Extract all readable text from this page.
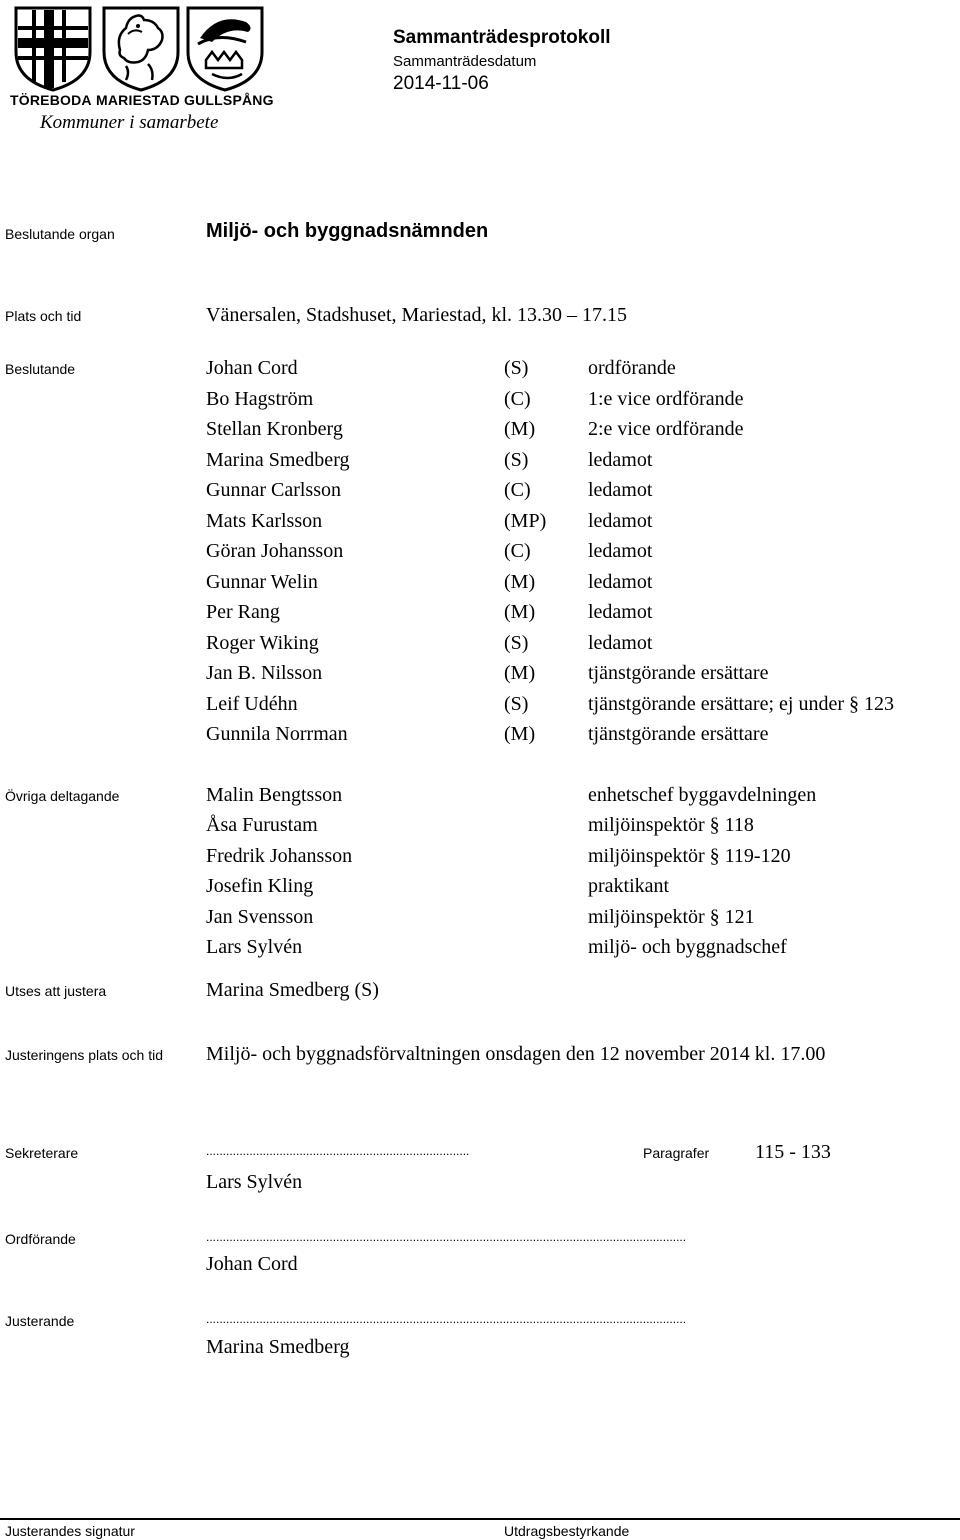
TÖREBODA MARIESTAD GULLSPÅNG
Kommuner i samarbete
Sammanträdesprotokoll
Sammanträdesdatum
2014-11-06
Beslutande organ	Miljö- och byggnadsnämnden
Plats och tid	Vänersalen, Stadshuset, Mariestad, kl. 13.30 – 17.15
Beslutande	Johan Cord	(S)	ordförande
Bo Hagström	(C)	1:e vice ordförande
Stellan Kronberg	(M)	2:e vice ordförande
Marina Smedberg	(S)	ledamot
Gunnar Carlsson	(C)	ledamot
Mats Karlsson	(MP) ledamot
Göran Johansson	(C)	ledamot
Gunnar Welin	(M)	ledamot
Per Rang	(M)	ledamot
Roger Wiking	(S)	ledamot
Jan B. Nilsson	(M)	tjänstgörande ersättare
Leif Udéhn	(S)	tjänstgörande ersättare; ej under § 123
Gunnila Norrman	(M)	tjänstgörande ersättare
Övriga deltagande	Malin Bengtsson	enhetschef byggavdelningen
Åsa Furustam	miljöinspektör § 118
Fredrik Johansson	miljöinspektör § 119-120
Josefin Kling	praktikant
Jan Svensson	miljöinspektör § 121
Lars Sylvén	miljö- och byggnadschef
Utses att justera	Marina Smedberg (S)
Justeringens plats och tid Miljö- och byggnadsförvaltningen onsdagen den 12 november 2014 kl. 17.00
Sekreterare	...............................................................................	Paragrafer 115 - 133
Lars Sylvén
Ordförande	................................................................................................................................................
Johan Cord
Justerande	................................................................................................................................................
Marina Smedberg
Justerandes signatur	Utdragsbestyrkande
